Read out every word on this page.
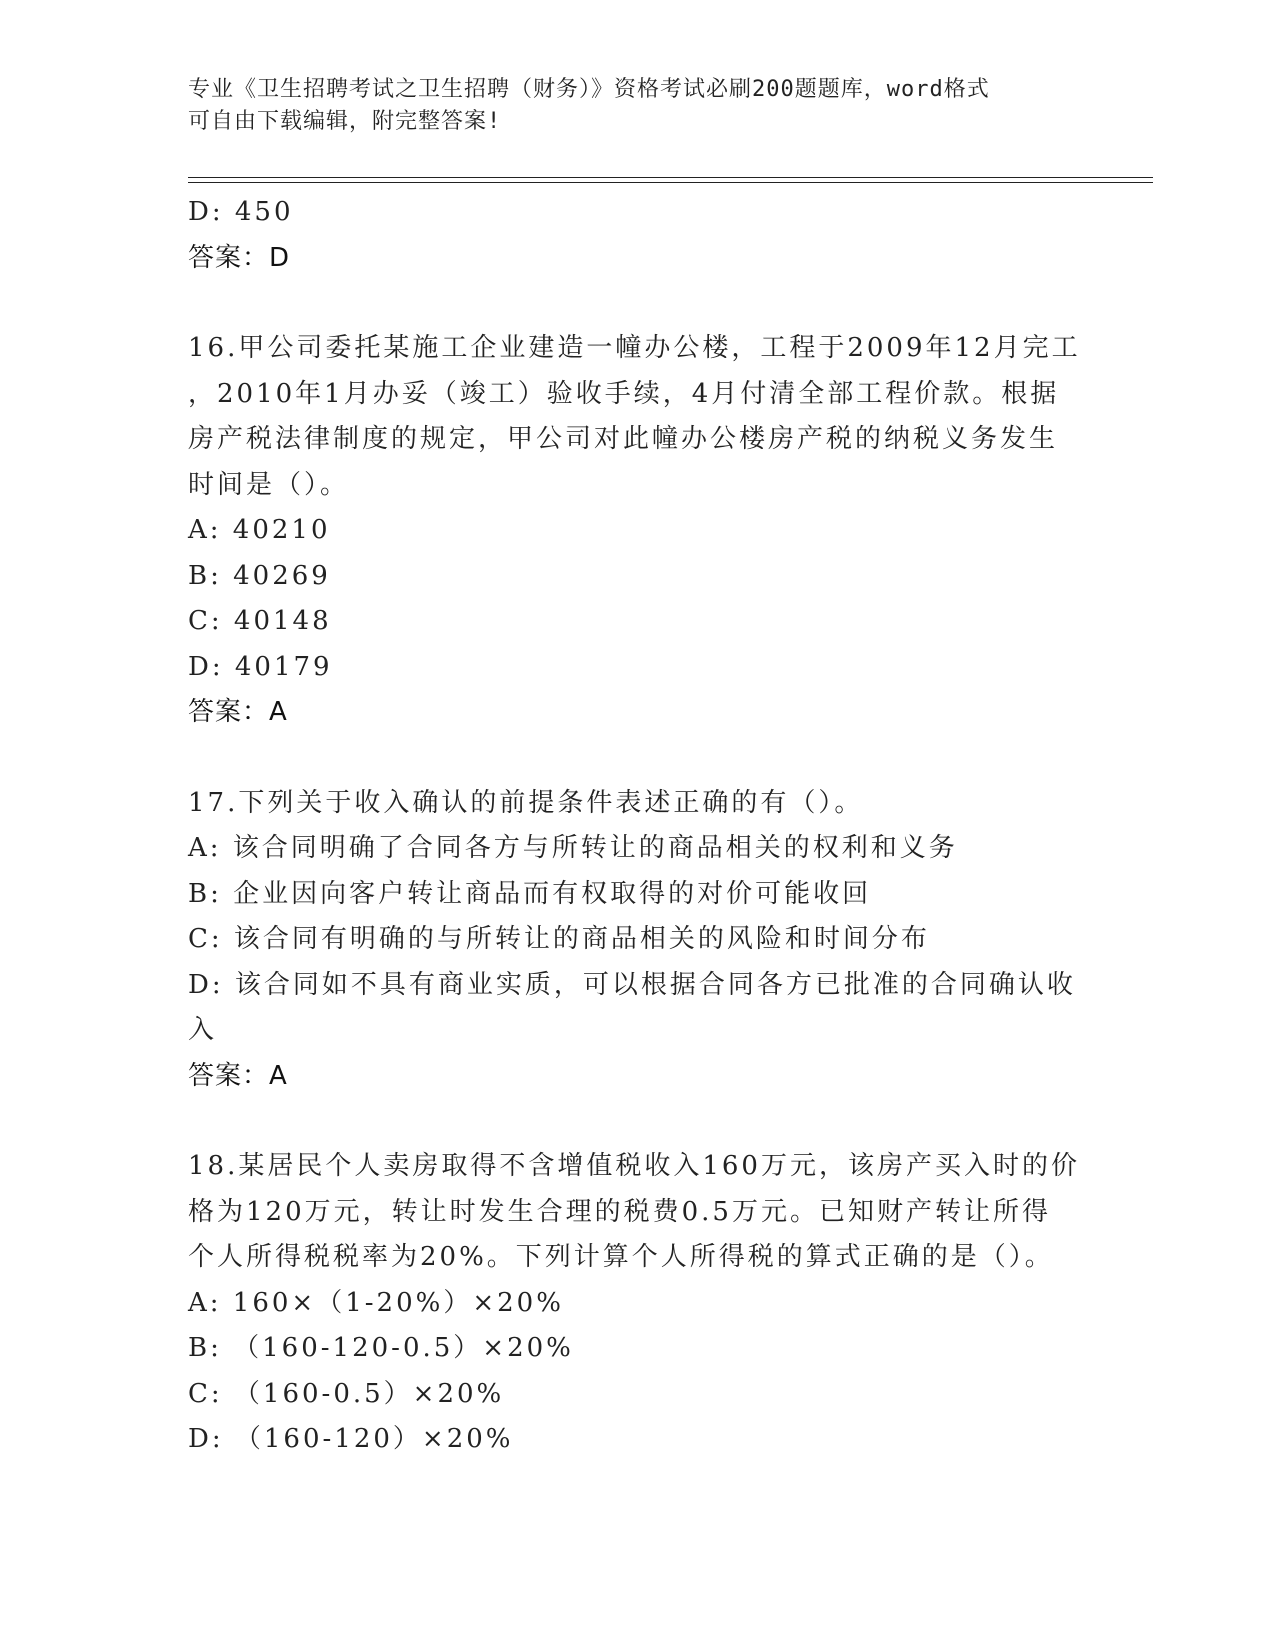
专业《卫生招聘考试之卫生招聘（财务）》资格考试必刷200题题库，word格式
可自由下载编辑，附完整答案!
D: 450
答案：D
16.甲公司委托某施工企业建造一幢办公楼，工程于2009年12月完工
，2010年1月办妥（竣工）验收手续，4月付清全部工程价款。根据
房产税法律制度的规定，甲公司对此幢办公楼房产税的纳税义务发生
时间是（）。
A: 40210
B: 40269
C: 40148
D: 40179
答案：A
17.下列关于收入确认的前提条件表述正确的有（）。
A: 该合同明确了合同各方与所转让的商品相关的权利和义务
B: 企业因向客户转让商品而有权取得的对价可能收回
C: 该合同有明确的与所转让的商品相关的风险和时间分布
D: 该合同如不具有商业实质，可以根据合同各方已批准的合同确认收
入
答案：A
18.某居民个人卖房取得不含增值税收入160万元，该房产买入时的价
格为120万元，转让时发生合理的税费0.5万元。已知财产转让所得
个人所得税税率为20%。下列计算个人所得税的算式正确的是（）。
A: 160×（1-20%）×20%
B: （160-120-0.5）×20%
C: （160-0.5）×20%
D: （160-120）×20%
